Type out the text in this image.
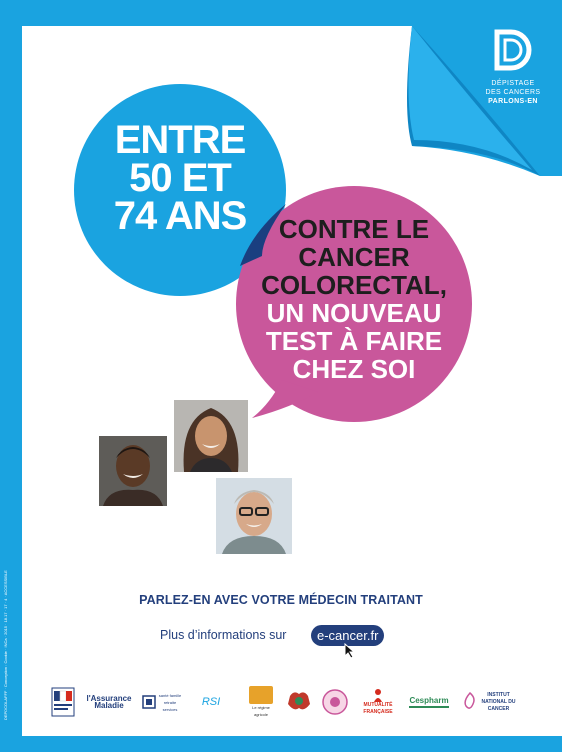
DÉPISTAGE
DES CANCERS
PARLONS-EN
ENTRE
50 ET
74 ANS	CONTRE LE
CANCER
COLORECTAL,
UN NOUVEAU
TEST À FAIRE
CHEZ SOI
PARLEZ-EN AVEC VOTRE MÉDECIN TRAITANT
Plus d’informations sur	e-cancer.fr
DEPDCOLAFFF · Conception : Cookie · INCa · 2015 · 18.17 · 17 · 4 · ACCESSIBLE	l'Assurance Maladie
santé famille retraite services
RSI	Le régime agricole
MUTUALITÉ FRANÇAISE
Cespharm
INSTITUT NATIONAL DU CANCER
